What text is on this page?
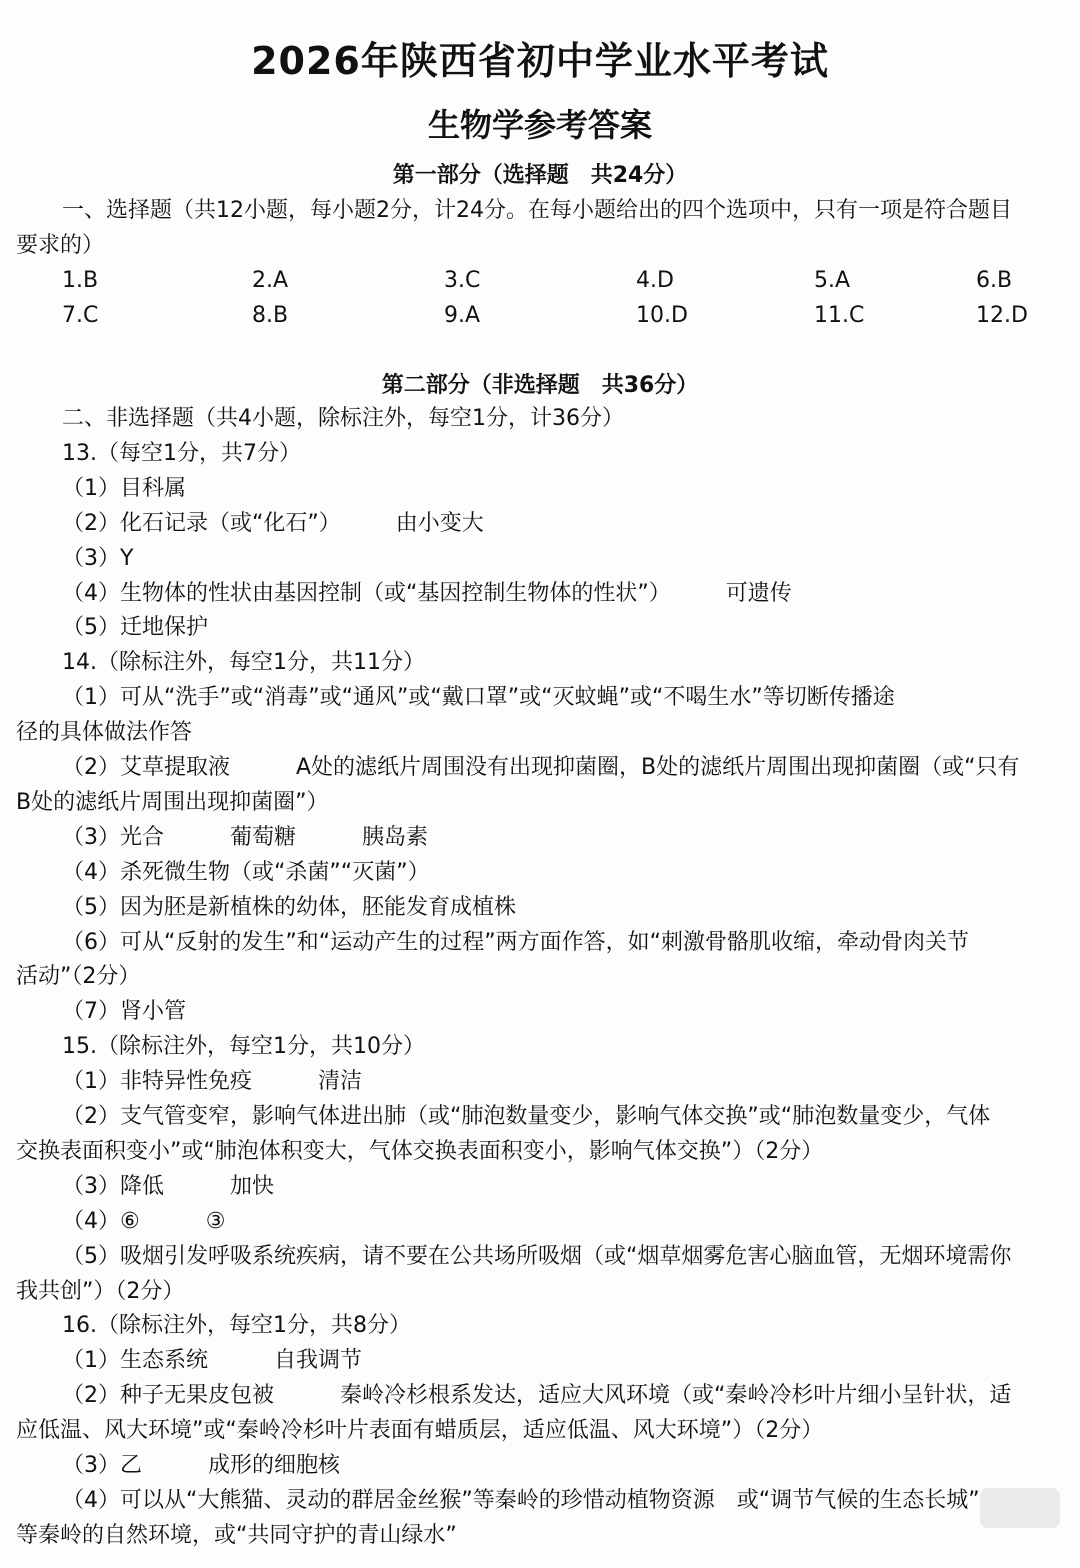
2026年陕西省初中学业水平考试
生物学参考答案
第一部分（选择题　共24分）
一、选择题（共12小题，每小题2分，计24分。在每小题给出的四个选项中，只有一项是符合题目
要求的）
1.B	2.A	3.C	4.D	5.A	6.B
7.C	8.B	9.A	10.D	11.C	12.D
第二部分（非选择题　共36分）
二、非选择题（共4小题，除标注外，每空1分，计36分）
13.（每空1分，共7分）
（1）目科属
（2）化石记录（或“化石”）　　　由小变大
（3）Y
（4）生物体的性状由基因控制（或“基因控制生物体的性状”）　　　可遗传
（5）迁地保护
14.（除标注外，每空1分，共11分）
（1）可从“洗手”或“消毒”或“通风”或“戴口罩”或“灭蚊蝇”或“不喝生水”等切断传播途
径的具体做法作答
（2）艾草提取液　　　A处的滤纸片周围没有出现抑菌圈，B处的滤纸片周围出现抑菌圈（或“只有
B处的滤纸片周围出现抑菌圈”）
（3）光合　　　葡萄糖　　　胰岛素
（4）杀死微生物（或“杀菌”“灭菌”）
（5）因为胚是新植株的幼体，胚能发育成植株
（6）可从“反射的发生”和“运动产生的过程”两方面作答，如“刺激骨骼肌收缩，牵动骨肉关节
活动”（2分）
（7）肾小管
15.（除标注外，每空1分，共10分）
（1）非特异性免疫　　　清洁
（2）支气管变窄，影响气体进出肺（或“肺泡数量变少，影响气体交换”或“肺泡数量变少，气体
交换表面积变小”或“肺泡体积变大，气体交换表面积变小，影响气体交换”）（2分）
（3）降低　　　加快
（4）⑥　　　③
（5）吸烟引发呼吸系统疾病，请不要在公共场所吸烟（或“烟草烟雾危害心脑血管，无烟环境需你
我共创”）（2分）
16.（除标注外，每空1分，共8分）
（1）生态系统　　　自我调节
（2）种子无果皮包被　　　秦岭冷杉根系发达，适应大风环境（或“秦岭冷杉叶片细小呈针状，适
应低温、风大环境”或“秦岭冷杉叶片表面有蜡质层，适应低温、风大环境”）（2分）
（3）乙　　　成形的细胞核
（4）可以从“大熊猫、灵动的群居金丝猴”等秦岭的珍惜动植物资源　或“调节气候的生态长城”
等秦岭的自然环境，或“共同守护的青山绿水”
